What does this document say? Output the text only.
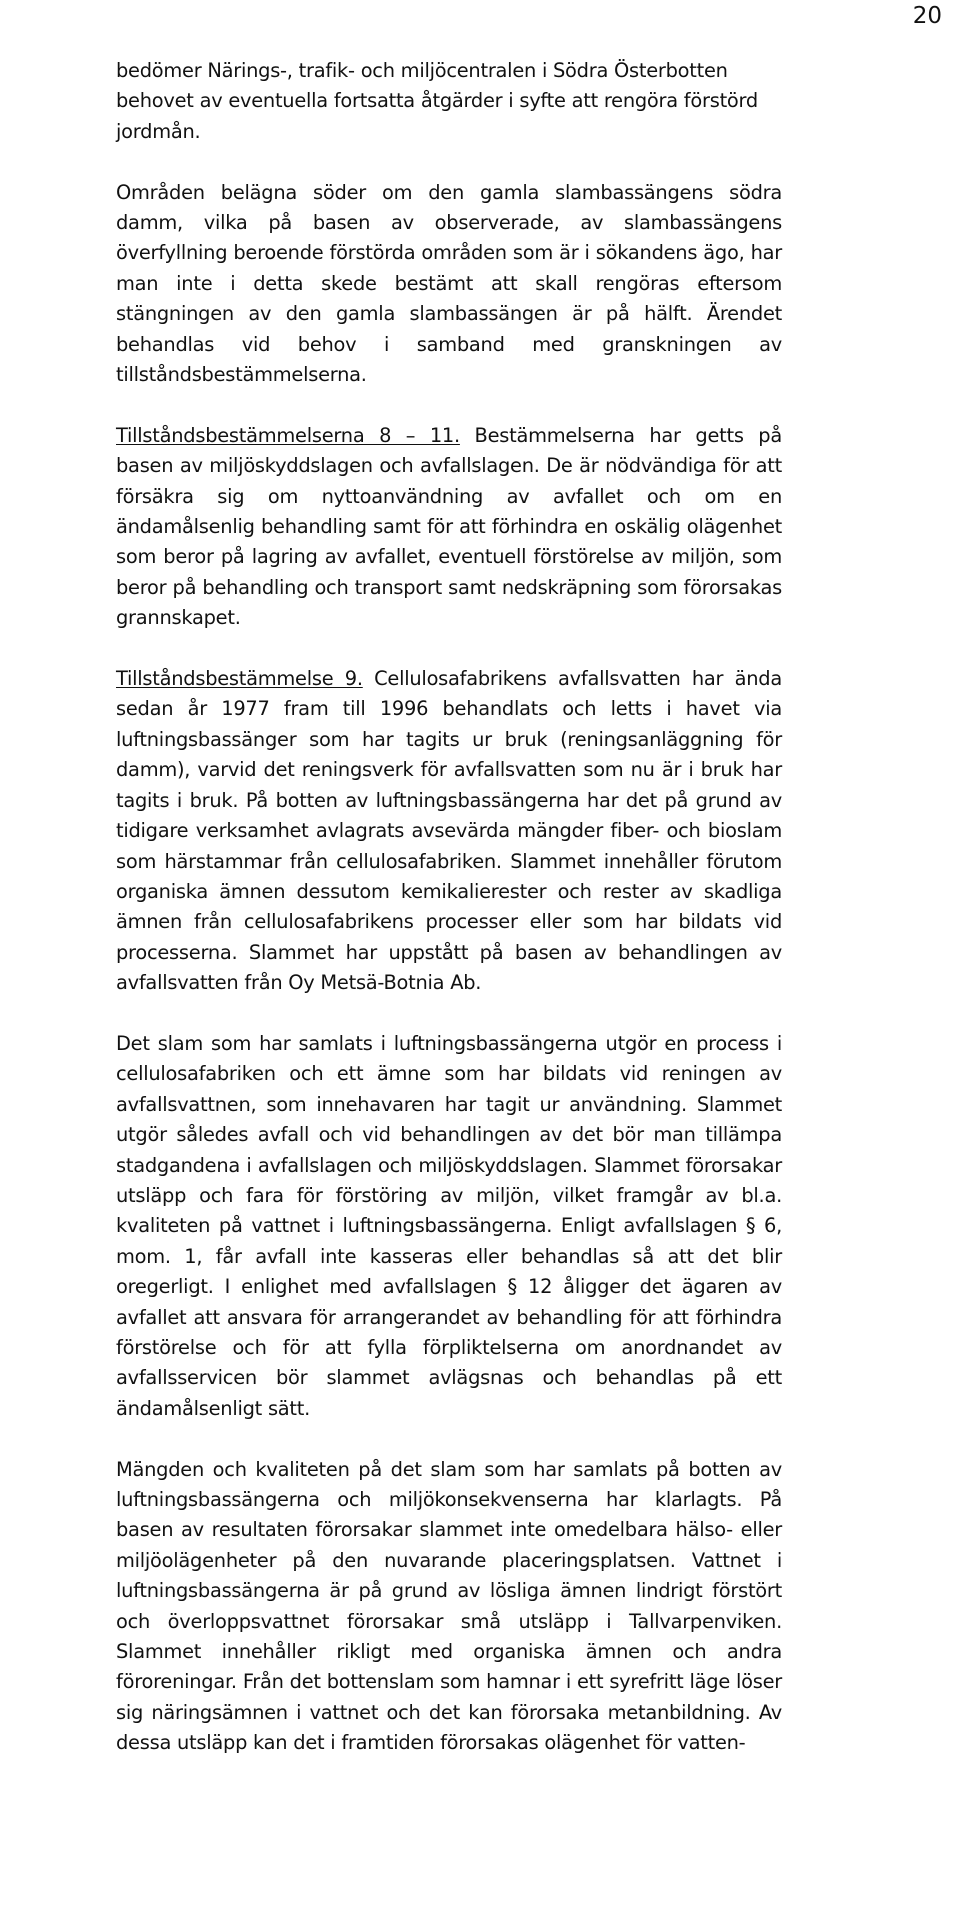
20

bedömer Närings-, trafik- och miljöcentralen i Södra Österbotten behovet av eventuella fortsatta åtgärder i syfte att rengöra förstörd jordmån.

Områden belägna söder om den gamla slambassängens södra damm, vilka på basen av observerade, av slambassängens överfyllning beroende förstörda områden som är i sökandens ägo, har man inte i detta skede bestämt att skall rengöras eftersom stängningen av den gamla slambassängen är på hälft. Ärendet behandlas vid behov i samband med granskningen av tillståndsbestämmelserna.

Tillståndsbestämmelserna 8 – 11. Bestämmelserna har getts på basen av miljöskyddslagen och avfallslagen. De är nödvändiga för att försäkra sig om nyttoanvändning av avfallet och om en ändamålsenlig behandling samt för att förhindra en oskälig olägenhet som beror på lagring av avfallet, eventuell förstörelse av miljön, som beror på behandling och transport samt nedskräpning som förorsakas grannskapet.

Tillståndsbestämmelse 9. Cellulosafabrikens avfallsvatten har ända sedan år 1977 fram till 1996 behandlats och letts i havet via luftningsbassänger som har tagits ur bruk (reningsanläggning för damm), varvid det reningsverk för avfallsvatten som nu är i bruk har tagits i bruk. På botten av luftningsbassängerna har det på grund av tidigare verksamhet avlagrats avsevärda mängder fiber- och bioslam som härstammar från cellulosafabriken. Slammet innehåller förutom organiska ämnen dessutom kemikalierester och rester av skadliga ämnen från cellulosafabrikens processer eller som har bildats vid processerna. Slammet har uppstått på basen av behandlingen av avfallsvatten från Oy Metsä-Botnia Ab.

Det slam som har samlats i luftningsbassängerna utgör en process i cellulosafabriken och ett ämne som har bildats vid reningen av avfallsvattnen, som innehavaren har tagit ur användning. Slammet utgör således avfall och vid behandlingen av det bör man tillämpa stadgandena i avfallslagen och miljöskyddslagen. Slammet förorsakar utsläpp och fara för förstöring av miljön, vilket framgår av bl.a. kvaliteten på vattnet i luftningsbassängerna. Enligt avfallslagen § 6, mom. 1, får avfall inte kasseras eller behandlas så att det blir oregerligt. I enlighet med avfallslagen § 12 åligger det ägaren av avfallet att ansvara för arrangerandet av behandling för att förhindra förstörelse och för att fylla förpliktelserna om anordnandet av avfallsservicen bör slammet avlägsnas och behandlas på ett ändamålsenligt sätt.

Mängden och kvaliteten på det slam som har samlats på botten av luftningsbassängerna och miljökonsekvenserna har klarlagts. På basen av resultaten förorsakar slammet inte omedelbara hälso- eller miljöolägenheter på den nuvarande placeringsplatsen. Vattnet i luftningsbassängerna är på grund av lösliga ämnen lindrigt förstört och överloppsvattnet förorsakar små utsläpp i Tallvarpenviken. Slammet innehåller rikligt med organiska ämnen och andra föroreningar. Från det bottenslam som hamnar i ett syrefritt läge löser sig näringsämnen i vattnet och det kan förorsaka metanbildning. Av dessa utsläpp kan det i framtiden förorsakas olägenhet för vatten-
